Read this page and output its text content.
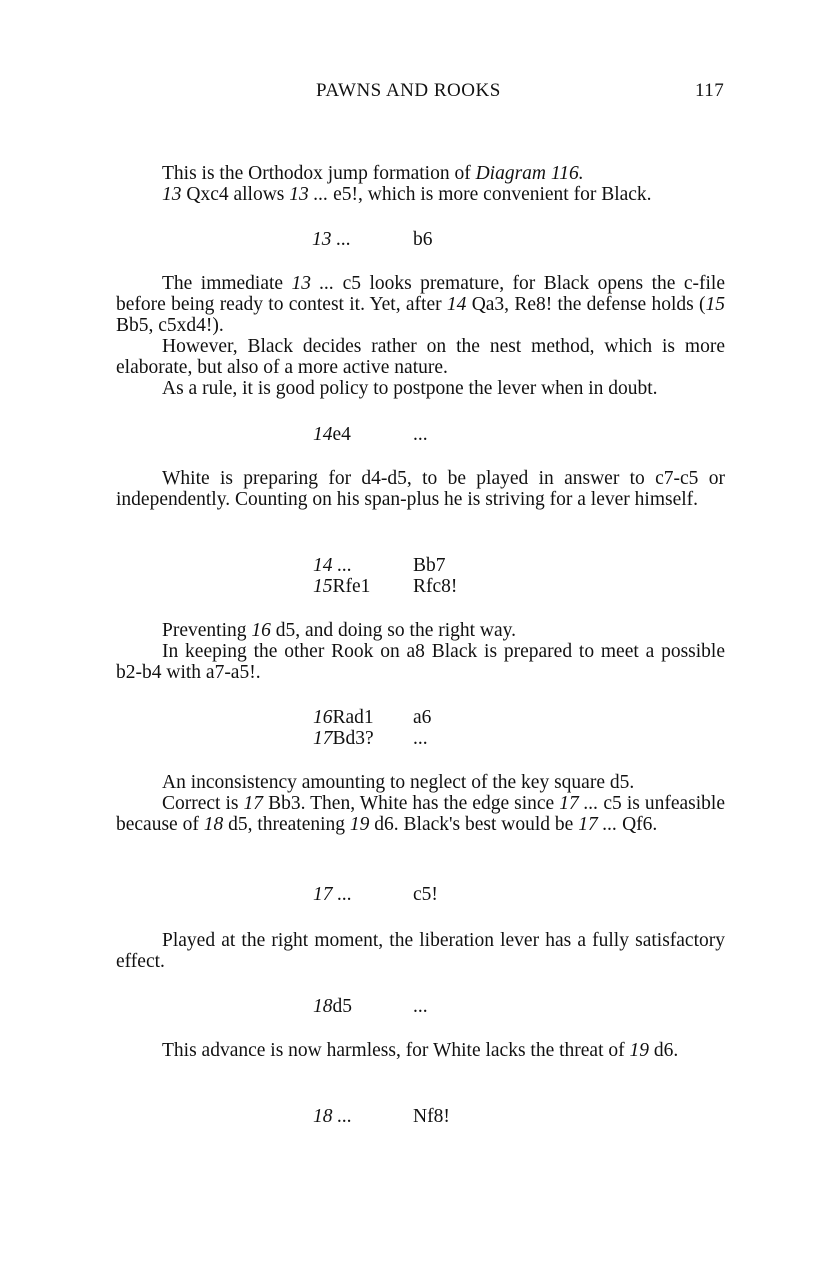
PAWNS AND ROOKS	117

This is the Orthodox jump formation of Diagram 116.

13 Qxc4 allows 13 ... e5!, which is more convenient for Black.

13 ...	b6

The immediate 13 ... c5 looks premature, for Black opens the c-file before being ready to contest it. Yet, after 14 Qa3, Re8! the defense holds (15 Bb5, c5xd4!).

However, Black decides rather on the nest method, which is more elaborate, but also of a more active nature.

As a rule, it is good policy to postpone the lever when in doubt.

14e4	...

White is preparing for d4-d5, to be played in answer to c7-c5 or independently. Counting on his span-plus he is striving for a lever himself.

14 ...	Bb7
15Rfe1 Rfc8!

Preventing 16 d5, and doing so the right way.

In keeping the other Rook on a8 Black is prepared to meet a possible b2-b4 with a7-a5!.

16Rad1 a6
17Bd3? ...

An inconsistency amounting to neglect of the key square d5.

Correct is 17 Bb3. Then, White has the edge since 17 ... c5 is unfeasible because of 18 d5, threatening 19 d6. Black's best would be 17 ... Qf6.

17 ...	c5!

Played at the right moment, the liberation lever has a fully satisfactory effect.

18d5	...

This advance is now harmless, for White lacks the threat of 19 d6.

18 ...	Nf8!
